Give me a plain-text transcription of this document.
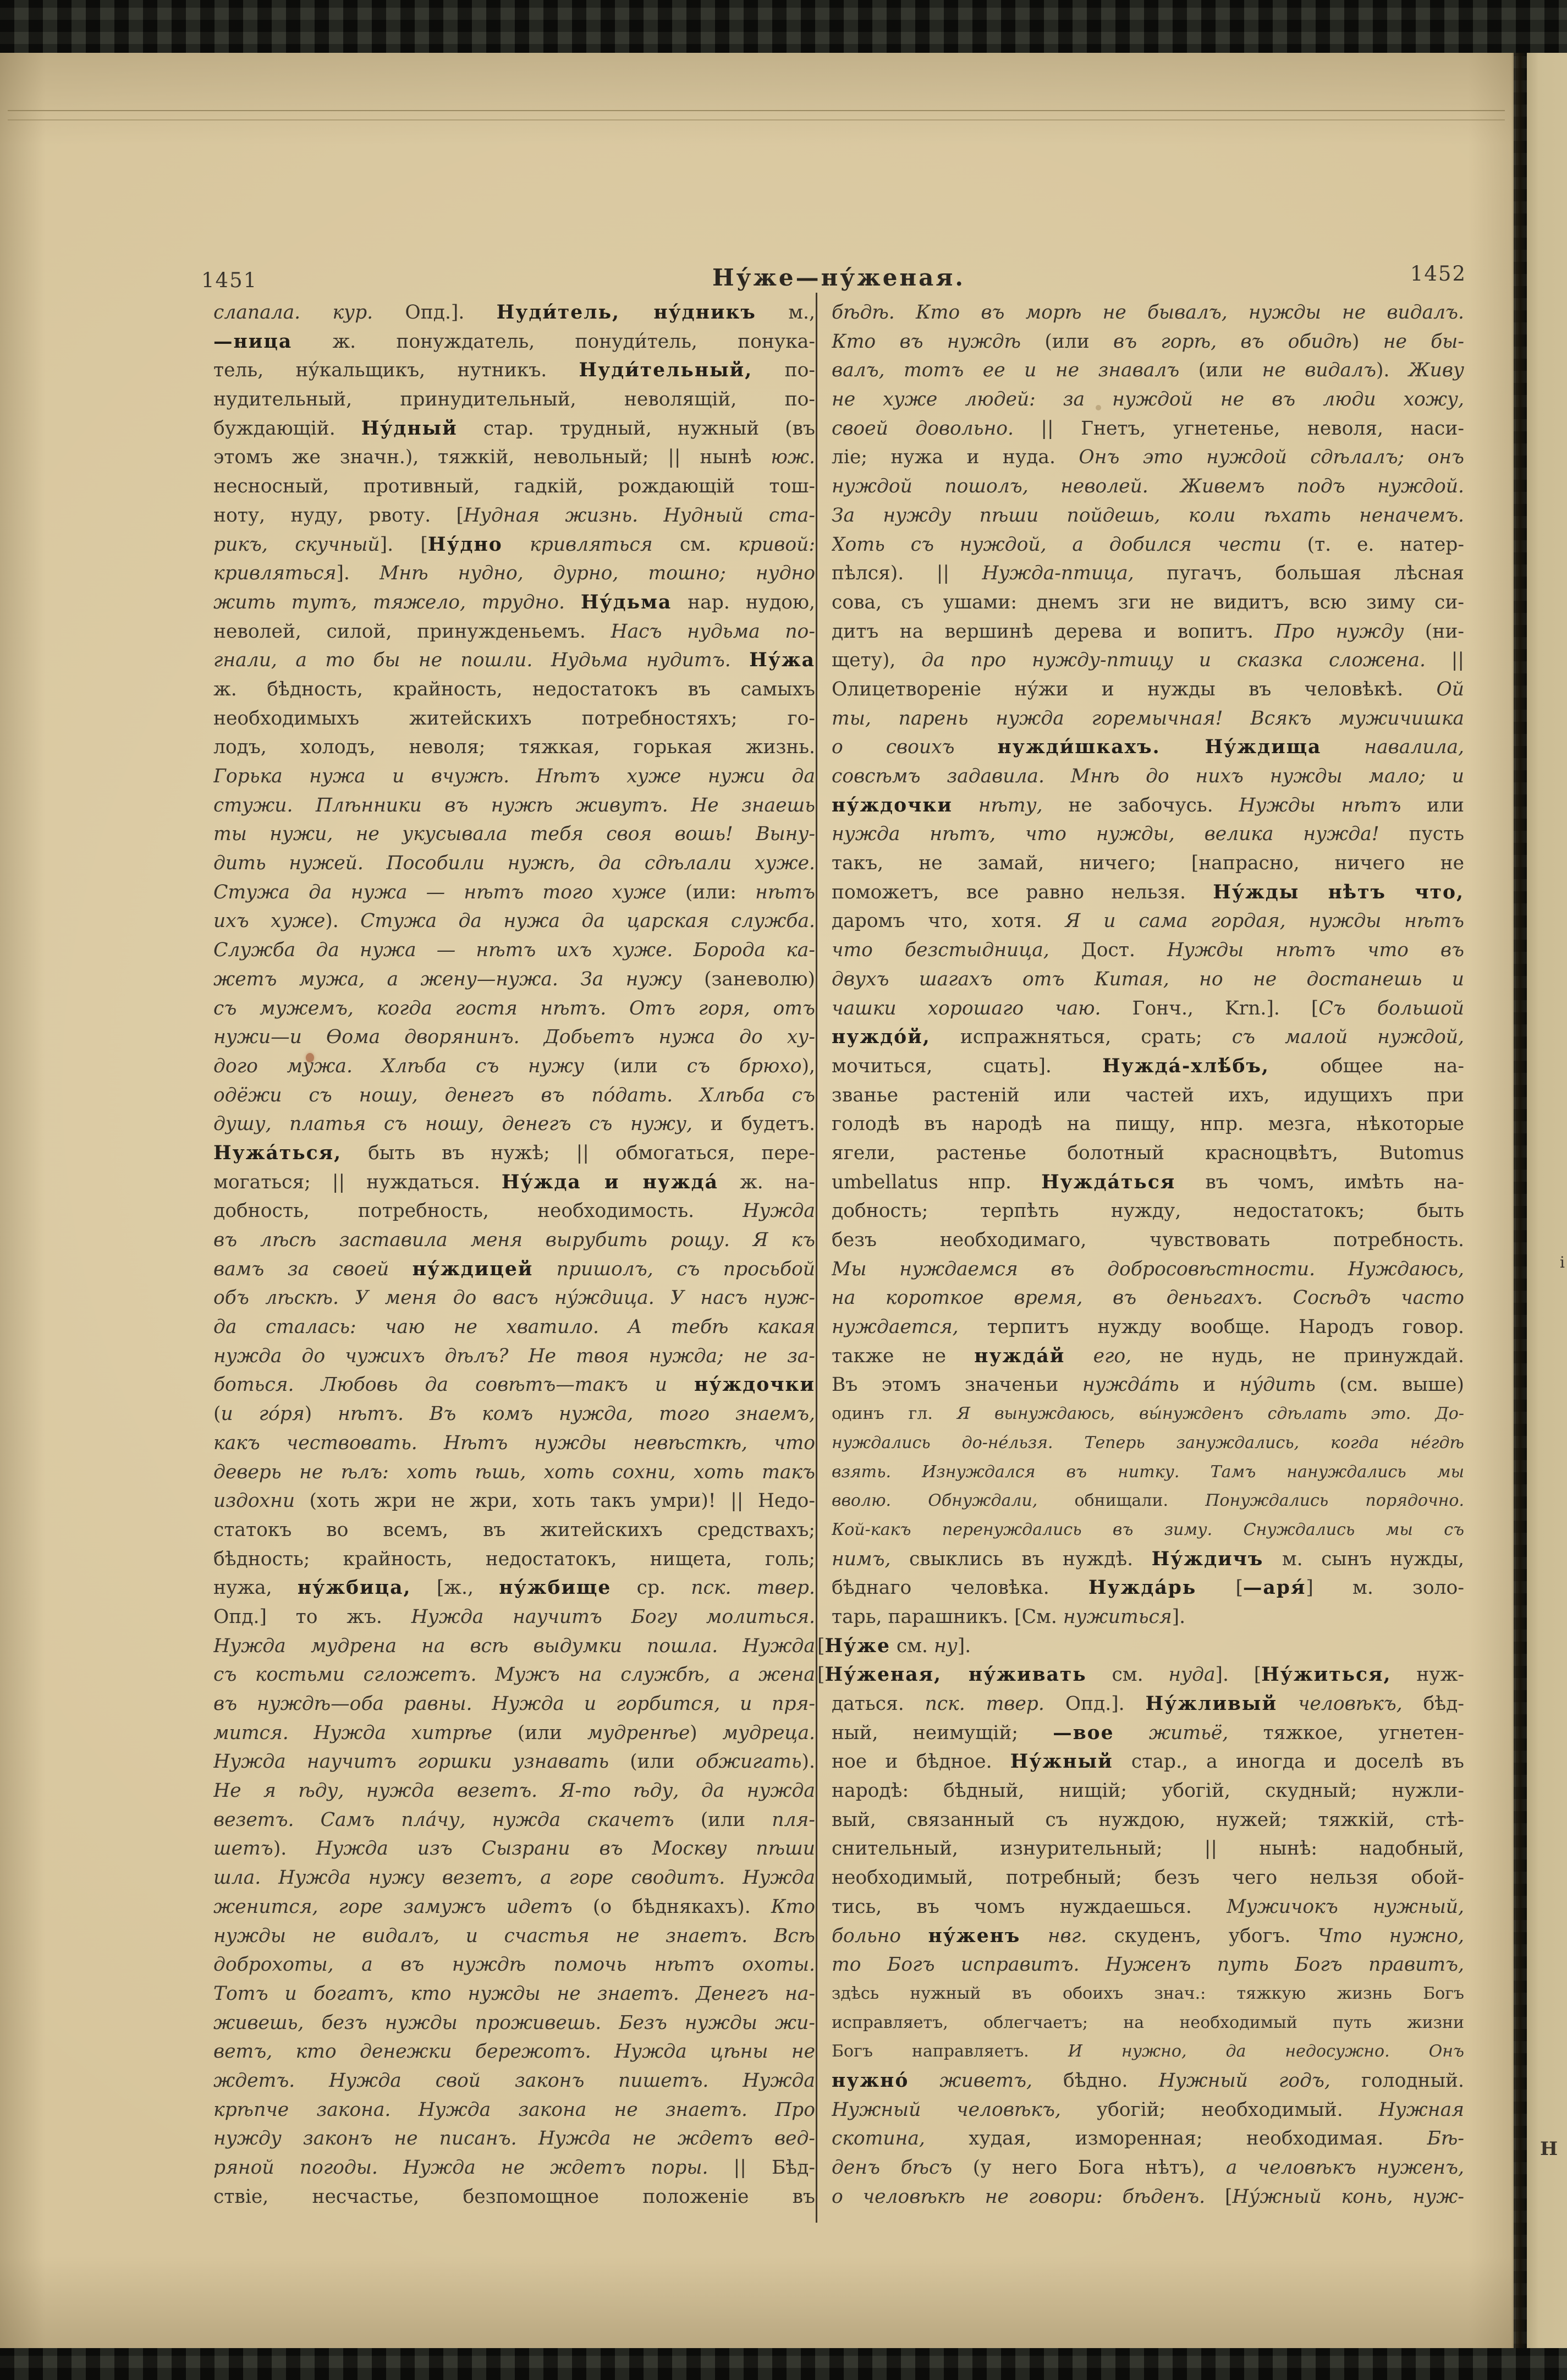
1451	Ну́же—ну́женая.	1452
слапала. кур. Опд.]. Нуди́тель, ну́дникъ м.,
—ница ж. понуждатель, понуди́тель, понука-
тель, ну́кальщикъ, нутникъ. Нуди́тельный, по-
нудительный, принудительный, неволящій, по-
буждающій. Ну́дный стар. трудный, нужный (въ
этомъ же значн.), тяжкій, невольный; || нынѣ юж.
несносный, противный, гадкій, рождающій тош-
ноту, нуду, рвоту. [Нудная жизнь. Нудный ста-
рикъ, скучный]. [Ну́дно кривляться см. кривой:
кривляться]. Мнѣ нудно, дурно, тошно; нудно
жить тутъ, тяжело, трудно. Ну́дьма нар. нудою,
неволей, силой, принужденьемъ. Насъ нудьма по-
гнали, а то бы не пошли. Нудьма нудитъ. Ну́жа
ж. бѣдность, крайность, недостатокъ въ самыхъ
необходимыхъ житейскихъ потребностяхъ; го-
лодъ, холодъ, неволя; тяжкая, горькая жизнь.
Горька нужа и вчужѣ. Нѣтъ хуже нужи да
стужи. Плѣнники въ нужѣ живутъ. Не знаешь
ты нужи, не укусывала тебя своя вошь! Выну-
дить нужей. Пособили нужѣ, да сдѣлали хуже.
Стужа да нужа — нѣтъ того хуже (или: нѣтъ
ихъ хуже). Стужа да нужа да царская служба.
Служба да нужа — нѣтъ ихъ хуже. Борода ка-
жетъ мужа, а жену—нужа. За нужу (заневолю)
съ мужемъ, когда гостя нѣтъ. Отъ горя, отъ
нужи—и Ѳома дворянинъ. Добьетъ нужа до ху-
дого мужа. Хлѣба съ нужу (или съ брюхо),
одёжи съ ношу, денегъ въ по́дать. Хлѣба съ
душу, платья съ ношу, денегъ съ нужу, и будетъ.
Нужа́ться, быть въ нужѣ; || обмогаться, пере-
могаться; || нуждаться. Ну́жда и нужда́ ж. на-
добность, потребность, необходимость. Нужда
въ лѣсѣ заставила меня вырубить рощу. Я къ
вамъ за своей ну́ждицей пришолъ, съ просьбой
объ лѣскѣ. У меня до васъ ну́ждица. У насъ нуж-
да сталась: чаю не хватило. А тебѣ какая
нужда до чужихъ дѣлъ? Не твоя нужда; не за-
боться. Любовь да совѣтъ—такъ и ну́ждочки
(и го́ря) нѣтъ. Въ комъ нужда, того знаемъ,
какъ чествовать. Нѣтъ нужды невѣсткѣ, что
деверь не ѣлъ: хоть ѣшь, хоть сохни, хоть такъ
издохни (хоть жри не жри, хоть такъ умри)! || Недо-
статокъ во всемъ, въ житейскихъ средствахъ;
бѣдность; крайность, недостатокъ, нищета, голь;
нужа, ну́жбица, [ж., ну́жбище ср. пск. твер.
Опд.] то жъ. Нужда научитъ Богу молиться.
Нужда мудрена на всѣ выдумки пошла. Нужда
съ костьми сгложетъ. Мужъ на службѣ, а жена
въ нуждѣ—оба равны. Нужда и горбится, и пря-
мится. Нужда хитрѣе (или мудренѣе) мудреца.
Нужда научитъ горшки узнавать (или обжигать).
Не я ѣду, нужда везетъ. Я-то ѣду, да нужда
везетъ. Самъ пла́чу, нужда скачетъ (или пля-
шетъ). Нужда изъ Сызрани въ Москву пѣши
шла. Нужда нужу везетъ, а горе сводитъ. Нужда
женится, горе замужъ идетъ (о бѣднякахъ). Кто
нужды не видалъ, и счастья не знаетъ. Всѣ
доброхоты, а въ нуждѣ помочь нѣтъ охоты.
Тотъ и богатъ, кто нужды не знаетъ. Денегъ на-
живешь, безъ нужды проживешь. Безъ нужды жи-
ветъ, кто денежки бережотъ. Нужда цѣны не
ждетъ. Нужда свой законъ пишетъ. Нужда
крѣпче закона. Нужда закона не знаетъ. Про
нужду законъ не писанъ. Нужда не ждетъ вед-
ряной погоды. Нужда не ждетъ поры. || Бѣд-
ствіе, несчастье, безпомощное положеніе въ
бѣдѣ. Кто въ морѣ не бывалъ, нужды не видалъ.
Кто въ нуждѣ (или въ горѣ, въ обидѣ) не бы-
валъ, тотъ ее и не знавалъ (или не видалъ). Живу
не хуже людей: за нуждой не въ люди хожу,
своей довольно. || Гнетъ, угнетенье, неволя, наси-
ліе; нужа и нуда. Онъ это нуждой сдѣлалъ; онъ
нуждой пошолъ, неволей. Живемъ подъ нуждой.
За нужду пѣши пойдешь, коли ѣхать неначемъ.
Хоть съ нуждой, а добился чести (т. е. натер-
пѣлся). || Нужда-птица, пугачъ, большая лѣсная
сова, съ ушами: днемъ зги не видитъ, всю зиму си-
дитъ на вершинѣ дерева и вопитъ. Про нужду (ни-
щету), да про нужду-птицу и сказка сложена. ||
Олицетвореніе ну́жи и нужды въ человѣкѣ. Ой
ты, парень нужда горемычная! Всякъ мужичишка
о своихъ нужди́шкахъ. Ну́ждища навалила,
совсѣмъ задавила. Мнѣ до нихъ нужды мало; и
ну́ждочки нѣту, не забочусь. Нужды нѣтъ или
нужда нѣтъ, что нужды, велика нужда! пусть
такъ, не замай, ничего; [напрасно, ничего не
поможетъ, все равно нельзя. Ну́жды нѣтъ что,
даромъ что, хотя. Я и сама гордая, нужды нѣтъ
что безстыдница, Дост. Нужды нѣтъ что въ
двухъ шагахъ отъ Китая, но не достанешь и
чашки хорошаго чаю. Гонч., Krn.]. [Съ большой
нуждо́й, испражняться, срать; съ малой нуждой,
мочиться, сцать]. Нужда́-хлѣ́бъ, общее на-
званье растеній или частей ихъ, идущихъ при
голодѣ въ народѣ на пищу, нпр. мезга, нѣкоторые
ягели, растенье болотный красноцвѣтъ, Butomus
umbellatus нпр. Нужда́ться въ чомъ, имѣть на-
добность; терпѣть нужду, недостатокъ; быть
безъ необходимаго, чувствовать потребность.
Мы нуждаемся въ добросовѣстности. Нуждаюсь,
на короткое время, въ деньгахъ. Сосѣдъ часто
нуждается, терпитъ нужду вообще. Народъ говор.
также не нужда́й его, не нудь, не принуждай.
Въ этомъ значеньи нужда́ть и ну́дить (см. выше)
одинъ гл. Я вынуждаюсь, вы́нужденъ сдѣлать это. До-
нуждались до-не́льзя. Теперь зануждались, когда не́гдѣ
взять. Изнуждался въ нитку. Тамъ нануждались мы
вволю. Обнуждали, обнищали. Понуждались порядочно.
Кой-какъ перенуждались въ зиму. Снуждались мы съ
нимъ, свыклись въ нуждѣ. Ну́ждичъ м. сынъ нужды,
бѣднаго человѣка. Нужда́рь [—аря́] м. золо-
тарь, парашникъ. [См. нужиться].
[Ну́же см. ну].
[Ну́женая, ну́живать см. нуда]. [Ну́житься, нуж-
даться. пск. твер. Опд.]. Ну́жливый человѣкъ, бѣд-
ный, неимущій; —вое житьё, тяжкое, угнетен-
ное и бѣдное. Ну́жный стар., а иногда и доселѣ въ
народѣ: бѣдный, нищій; убогій, скудный; нужли-
вый, связанный съ нуждою, нужей; тяжкій, стѣ-
снительный, изнурительный; || нынѣ: надобный,
необходимый, потребный; безъ чего нельзя обой-
тись, въ чомъ нуждаешься. Мужичокъ нужный,
больно ну́женъ нвг. скуденъ, убогъ. Что нужно,
то Богъ исправитъ. Нуженъ путь Богъ правитъ,
здѣсь нужный въ обоихъ знач.: тяжкую жизнь Богъ
исправляетъ, облегчаетъ; на необходимый путь жизни
Богъ направляетъ. И нужно, да недосужно. Онъ
нужно́ живетъ, бѣдно. Нужный годъ, голодный.
Нужный человѣкъ, убогій; необходимый. Нужная
скотина, худая, изморенная; необходимая. Бѣ-
денъ бѣсъ (у него Бога нѣтъ), а человѣкъ нуженъ,
о человѣкѣ не говори: бѣденъ. [Ну́жный конь, нуж-
Н
і
